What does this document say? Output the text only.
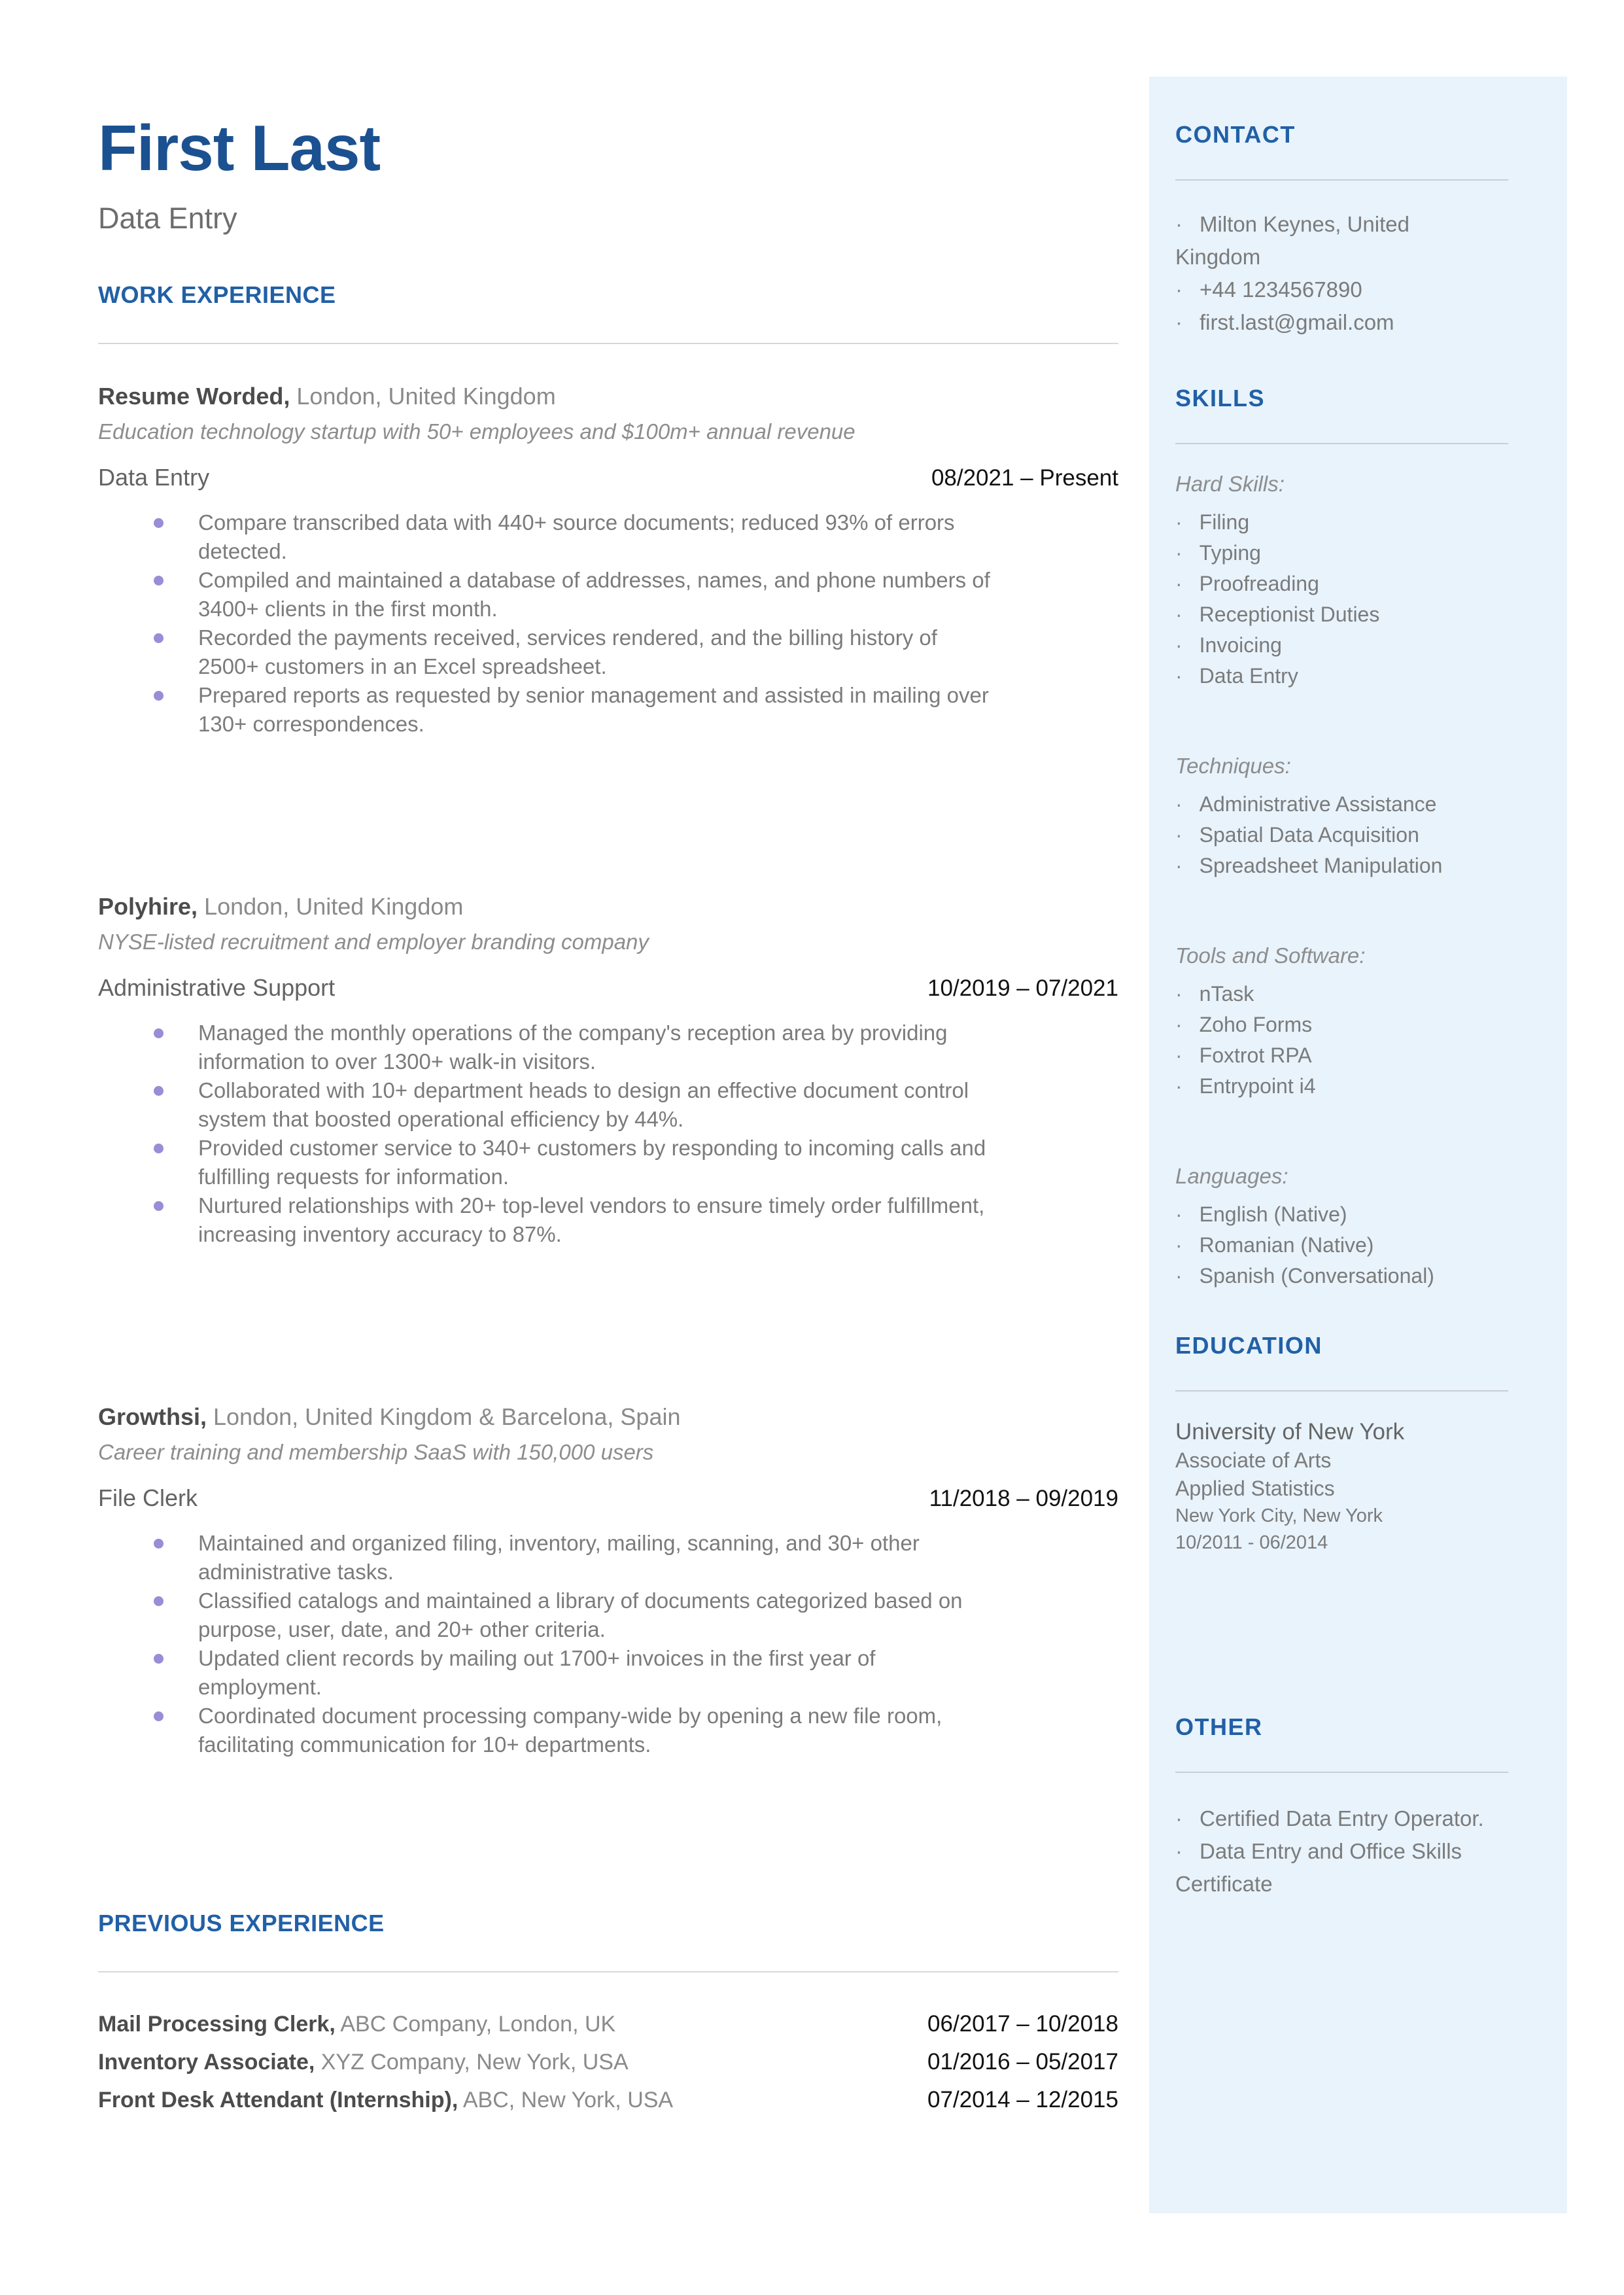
First Last
Data Entry
WORK EXPERIENCE
Resume Worded, London, United Kingdom
Education technology startup with 50+ employees and $100m+ annual revenue
Data Entry	08/2021 – Present
Compare transcribed data with 440+ source documents; reduced 93% of errors detected.
Compiled and maintained a database of addresses, names, and phone numbers of 3400+ clients in the first month.
Recorded the payments received, services rendered, and the billing history of 2500+ customers in an Excel spreadsheet.
Prepared reports as requested by senior management and assisted in mailing over 130+ correspondences.
Polyhire, London, United Kingdom
NYSE-listed recruitment and employer branding company
Administrative Support	10/2019 – 07/2021
Managed the monthly operations of the company's reception area by providing information to over 1300+ walk-in visitors.
Collaborated with 10+ department heads to design an effective document control system that boosted operational efficiency by 44%.
Provided customer service to 340+ customers by responding to incoming calls and fulfilling requests for information.
Nurtured relationships with 20+ top-level vendors to ensure timely order fulfillment, increasing inventory accuracy to 87%.
Growthsi, London, United Kingdom & Barcelona, Spain
Career training and membership SaaS with 150,000 users
File Clerk	11/2018 – 09/2019
Maintained and organized filing, inventory, mailing, scanning, and 30+ other administrative tasks.
Classified catalogs and maintained a library of documents categorized based on purpose, user, date, and 20+ other criteria.
Updated client records by mailing out 1700+ invoices in the first year of employment.
Coordinated document processing company-wide by opening a new file room, facilitating communication for 10+ departments.
PREVIOUS EXPERIENCE
Mail Processing Clerk, ABC Company, London, UK	06/2017 – 10/2018
Inventory Associate, XYZ Company, New York, USA	01/2016 – 05/2017
Front Desk Attendant (Internship), ABC, New York, USA	07/2014 – 12/2015
CONTACT
· Milton Keynes, United Kingdom
· +44 1234567890
· first.last@gmail.com
SKILLS
Hard Skills:
· Filing
· Typing
· Proofreading
· Receptionist Duties
· Invoicing
· Data Entry
Techniques:
· Administrative Assistance
· Spatial Data Acquisition
· Spreadsheet Manipulation
Tools and Software:
· nTask
· Zoho Forms
· Foxtrot RPA
· Entrypoint i4
Languages:
· English (Native)
· Romanian (Native)
· Spanish (Conversational)
EDUCATION
University of New York
Associate of Arts
Applied Statistics
New York City, New York
10/2011 - 06/2014
OTHER
· Certified Data Entry Operator.
· Data Entry and Office Skills Certificate
